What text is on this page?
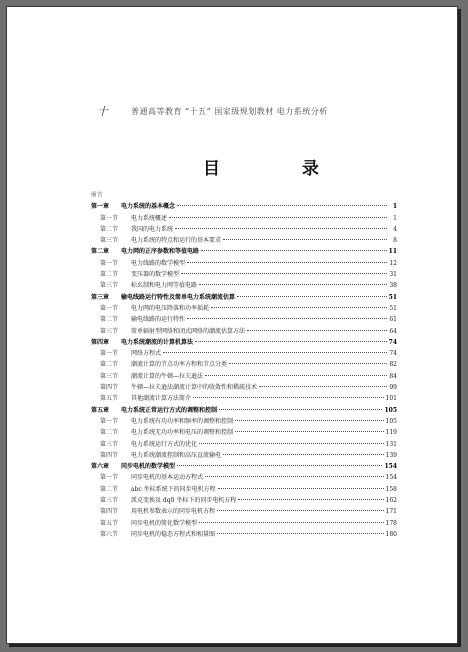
十	普通高等教育 “十五” 国家级规划教材 电力系统分析
目 录
前言
第一章	电力系统的基本概念	1
第一节	电力系统概述	1
第二节	我国的电力系统	4
第三节	电力系统的特点和运行的基本要求	8
第二章	电力网的正序参数和等值电路	11
第一节	电力线路的数学模型	12
第二节	变压器的数学模型	31
第三节	标幺制和电力网等值电路	38
第三章	输电线路运行特性及简单电力系统潮流估算	51
第一节	电力网的电压降落和功率损耗	51
第二节	输电线路的运行特性	61
第三节	简单辐射型网络和闭式网络的潮流估算方法	64
第四章	电力系统潮流的计算机算法	74
第一节	网络方程式	74
第二节	潮流计算的节点功率方程和节点分类	82
第三节	潮流计算的牛顿—拉夫逊法	84
第四节	牛顿—拉夫逊法潮流计算中的收敛性和稀疏技术	99
第五节	其他潮流计算方法简介	101
第五章	电力系统正常运行方式的调整和控制	105
第一节	电力系统有功功率和频率的调整和控制	105
第二节	电力系统无功功率和电压的调整和控制	119
第三节	电力系统运行方式的优化	131
第四节	电力系统潮流控制和高压直流输电	139
第六章	同步电机的数学模型	154
第一节	同步电机的基本运动方程式	154
第二节	abc 坐标系统下的同步电机方程	158
第三节	派克变换及 dq0 坐标下的同步电机方程	162
第四节	用电机参数表示的同步电机方程	171
第五节	同步电机的简化数学模型	178
第六节	同步电机的稳态方程式和相量图	180
